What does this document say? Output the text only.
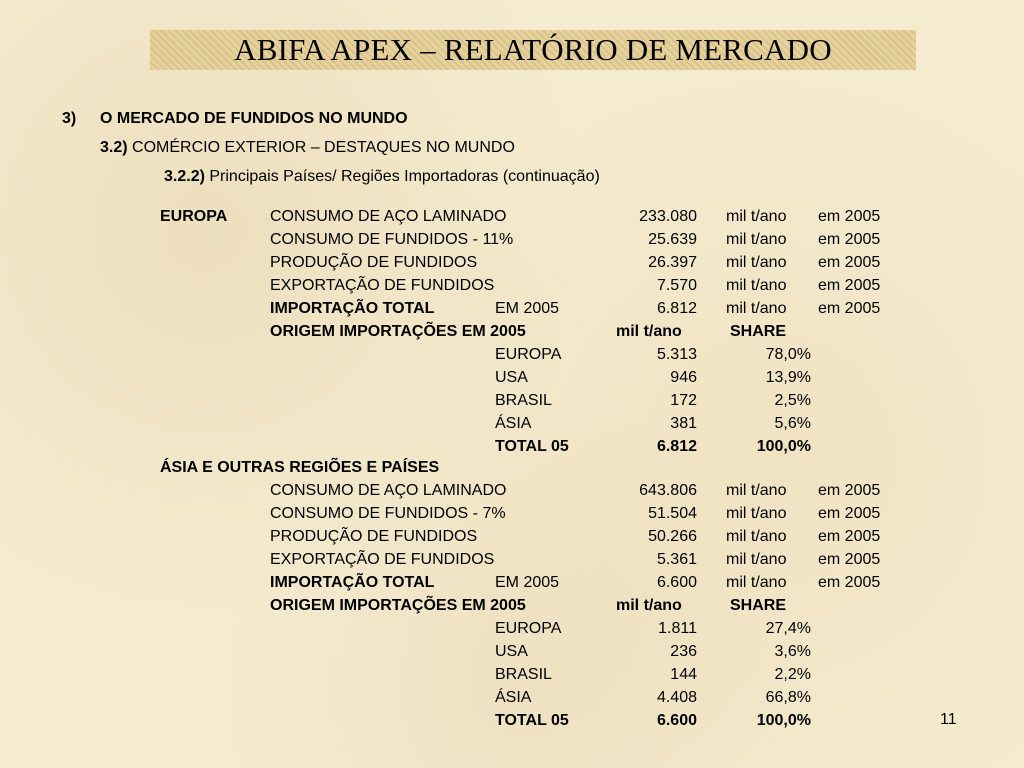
ABIFA APEX – RELATÓRIO DE MERCADO
3) O MERCADO DE FUNDIDOS NO MUNDO
3.2) COMÉRCIO EXTERIOR – DESTAQUES NO MUNDO
3.2.2) Principais Países/ Regiões Importadoras (continuação)
EUROPA	CONSUMO DE AÇO LAMINADO	233.080 mil t/ano em 2005
CONSUMO DE FUNDIDOS - 11%	25.639 mil t/ano em 2005
PRODUÇÃO DE FUNDIDOS	26.397 mil t/ano em 2005
EXPORTAÇÃO DE FUNDIDOS	7.570 mil t/ano em 2005
IMPORTAÇÃO TOTAL	EM 2005	6.812 mil t/ano em 2005
ORIGEM IMPORTAÇÕES EM 2005	mil t/ano	SHARE
EUROPA	5.313	78,0%
USA	946	13,9%
BRASIL	172	2,5%
ÁSIA	381	5,6%
TOTAL 05	6.812	100,0%
ÁSIA E OUTRAS REGIÕES E PAÍSES
CONSUMO DE AÇO LAMINADO	643.806 mil t/ano em 2005
CONSUMO DE FUNDIDOS - 7%	51.504 mil t/ano em 2005
PRODUÇÃO DE FUNDIDOS	50.266 mil t/ano em 2005
EXPORTAÇÃO DE FUNDIDOS	5.361 mil t/ano em 2005
IMPORTAÇÃO TOTAL	EM 2005	6.600 mil t/ano em 2005
ORIGEM IMPORTAÇÕES EM 2005	mil t/ano	SHARE
EUROPA	1.811	27,4%
USA	236	3,6%
BRASIL	144	2,2%
ÁSIA	4.408	66,8%
TOTAL 05	6.600	100,0%	11
